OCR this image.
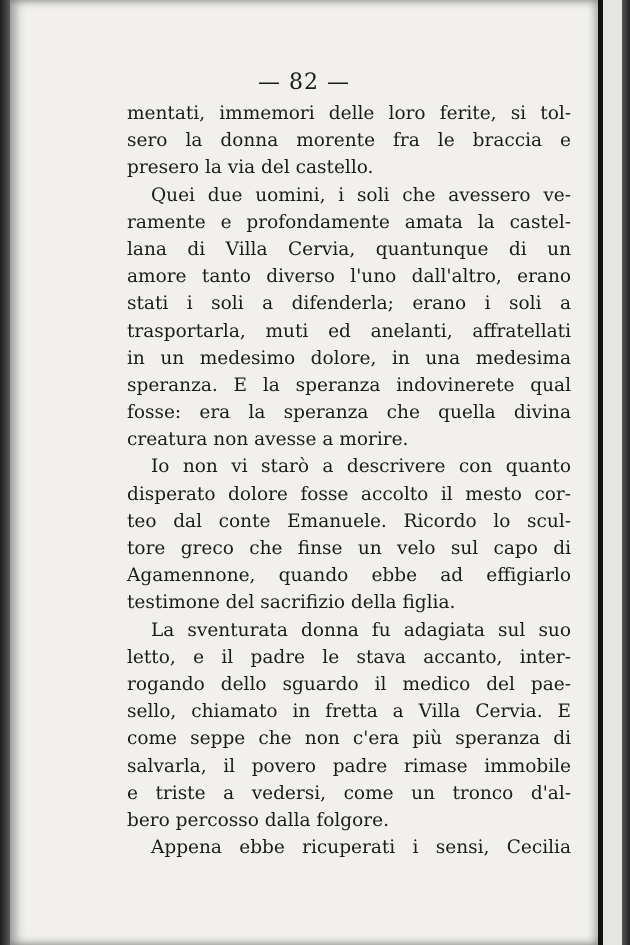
— 82 —
mentati, immemori delle loro ferite, si tol-
sero la donna morente fra le braccia e
presero la via del castello.
Quei due uomini, i soli che avessero ve-
ramente e profondamente amata la castel-
lana di Villa Cervia, quantunque di un
amore tanto diverso l'uno dall'altro, erano
stati i soli a difenderla; erano i soli a
trasportarla, muti ed anelanti, affratellati
in un medesimo dolore, in una medesima
speranza. E la speranza indovinerete qual
fosse: era la speranza che quella divina
creatura non avesse a morire.
Io non vi starò a descrivere con quanto
disperato dolore fosse accolto il mesto cor-
teo dal conte Emanuele. Ricordo lo scul-
tore greco che finse un velo sul capo di
Agamennone, quando ebbe ad effigiarlo
testimone del sacrifizio della figlia.
La sventurata donna fu adagiata sul suo
letto, e il padre le stava accanto, inter-
rogando dello sguardo il medico del pae-
sello, chiamato in fretta a Villa Cervia. E
come seppe che non c'era più speranza di
salvarla, il povero padre rimase immobile
e triste a vedersi, come un tronco d'al-
bero percosso dalla folgore.
Appena ebbe ricuperati i sensi, Cecilia
